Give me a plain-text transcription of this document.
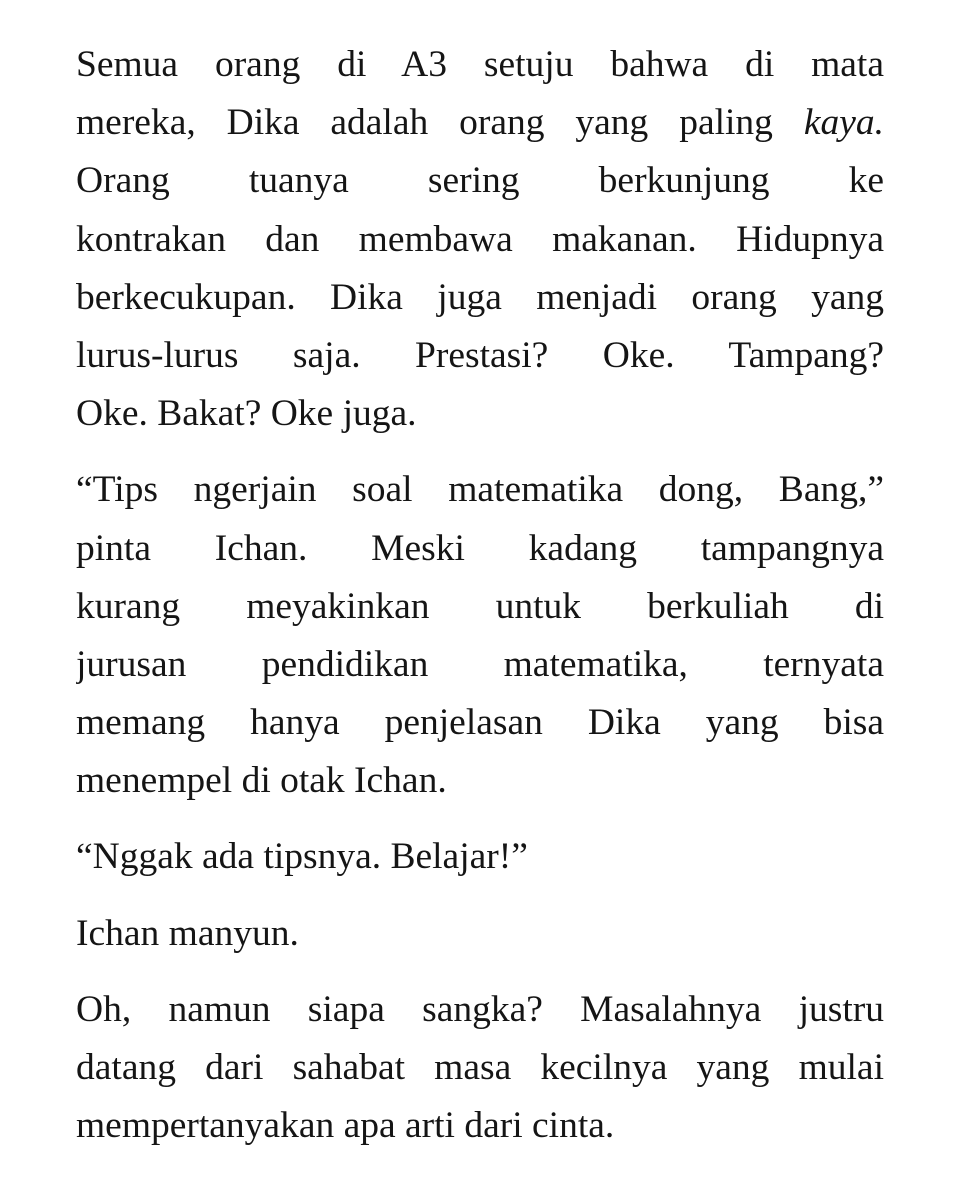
Semua orang di A3 setuju bahwa di mata
mereka, Dika adalah orang yang paling kaya.
Orang tuanya sering berkunjung ke
kontrakan dan membawa makanan. Hidupnya
berkecukupan. Dika juga menjadi orang yang
lurus-lurus saja. Prestasi? Oke. Tampang?
Oke. Bakat? Oke juga.
“Tips ngerjain soal matematika dong, Bang,”
pinta Ichan. Meski kadang tampangnya
kurang meyakinkan untuk berkuliah di
jurusan pendidikan matematika, ternyata
memang hanya penjelasan Dika yang bisa
menempel di otak Ichan.
“Nggak ada tipsnya. Belajar!”
Ichan manyun.
Oh, namun siapa sangka? Masalahnya justru
datang dari sahabat masa kecilnya yang mulai
mempertanyakan apa arti dari cinta.
